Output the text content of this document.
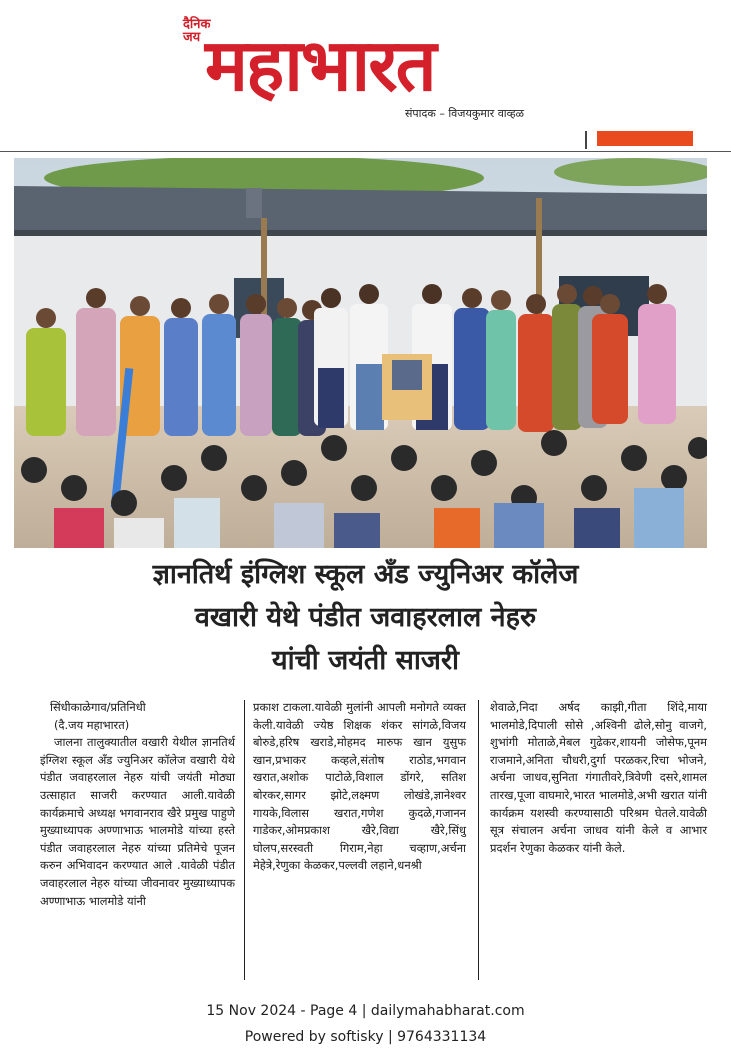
दैनिक
जय महाभारत
संपादक – विजयकुमार वाव्हळ
ज्ञानतिर्थ इंग्लिश स्कूल अँड ज्युनिअर कॉलेज
वखारी येथे पंडीत जवाहरलाल नेहरु
यांची जयंती साजरी

सिंधीकाळेगाव/प्रतिनिधी

(दै.जय महाभारत)

जालना तालुक्यातील वखारी येथील ज्ञानतिर्थ इंग्लिश स्कूल अँड ज्युनिअर कॉलेज वखारी येथे पंडीत जवाहरलाल नेहरु यांची जयंती मोठ्या उत्साहात साजरी करण्यात आली.यावेळी कार्यक्रमाचे अध्यक्ष भगवानराव खैरे प्रमुख पाहुणे मुख्याध्यापक अण्णाभाऊ भालमोडे यांच्या हस्ते पंडीत जवाहरलाल नेहरु यांच्या प्रतिमेचे पूजन करुन अभिवादन करण्यात आले .यावेळी पंडीत जवाहरलाल नेहरु यांच्या जीवनावर मुख्याध्यापक अण्णाभाऊ भालमोडे यांनी

प्रकाश टाकला.यावेळी मुलांनी आपली मनोगते व्यक्त केली.यावेळी ज्येष्ठ शिक्षक शंकर सांगळे,विजय बोरुडे,हरिष खराडे,मोहमद मारुफ खान युसुफ खान,प्रभाकर कव्हले,संतोष राठोड,भगवान खरात,अशोक पाटोळे,विशाल डोंगरे, सतिश बोरकर,सागर झोटे,लक्ष्मण लोखंडे,ज्ञानेश्वर गायके,विलास खरात,गणेश कुदळे,गजानन गाडेकर,ओमप्रकाश खैरे,विद्या खैरे,सिंधु घोलप,सरस्वती गिराम,नेहा चव्हाण,अर्चना मेहेत्रे,रेणुका केळकर,पल्लवी लहाने,धनश्री

शेवाळे,निदा अर्षद काझी,गीता शिंदे,माया भालमोडे,दिपाली सोसे ,अश्विनी ढोले,सोनु वाजगे, शुभांगी मोताळे,मेबल गुढेकर,शायनी जोसेफ,पूनम राजमाने,अनिता चौधरी,दुर्गा परळकर,रिचा भोजने, अर्चना जाधव,सुनिता गंगातीवरे,त्रिवेणी दसरे,शामल तारख,पूजा वाघमारे,भारत भालमोडे,अभी खरात यांनी कार्यक्रम यशस्वी करण्यासाठी परिश्रम घेतले.यावेळी सूत्र संचालन अर्चना जाधव यांनी केले व आभार प्रदर्शन रेणुका केळकर यांनी केले.

15 Nov 2024 - Page 4 | dailymahabharat.com
Powered by softisky | 9764331134
